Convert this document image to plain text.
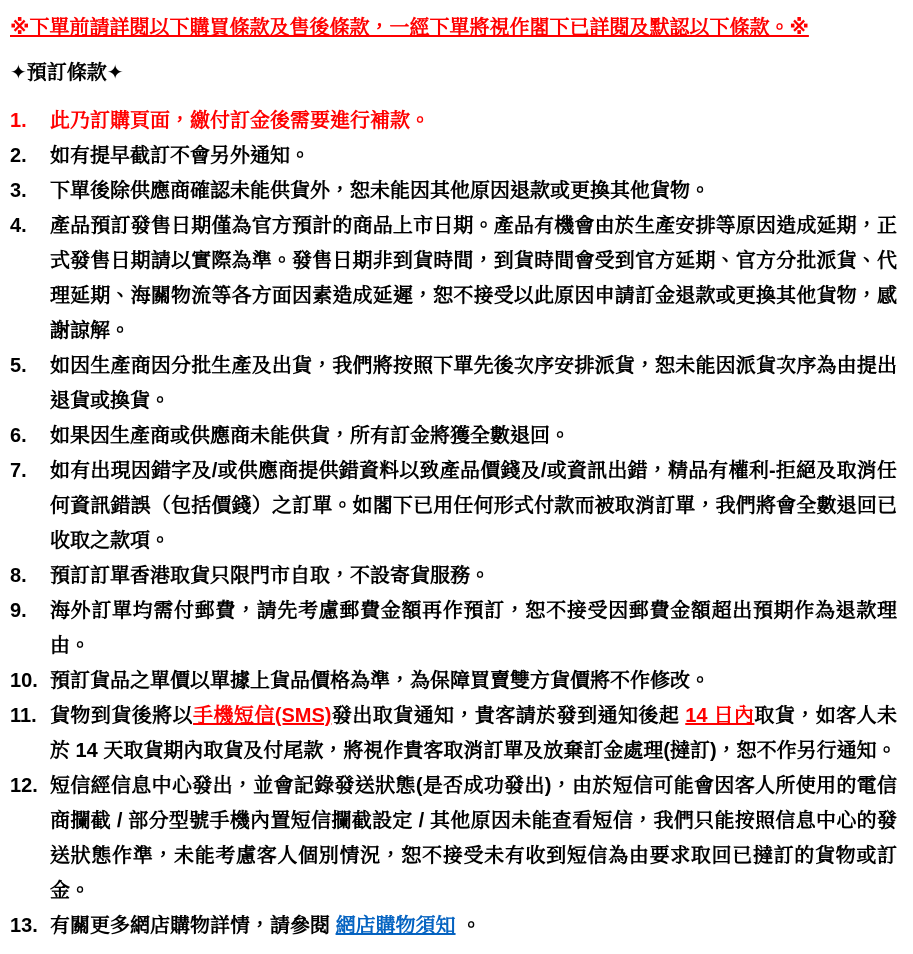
※下單前請詳閱以下購買條款及售後條款，一經下單將視作閣下已詳閱及默認以下條款。※
✦預訂條款✦
1. 此乃訂購頁面，繳付訂金後需要進行補款。
2. 如有提早截訂不會另外通知。
3. 下單後除供應商確認未能供貨外，恕未能因其他原因退款或更換其他貨物。
4. 產品預訂發售日期僅為官方預計的商品上市日期。產品有機會由於生產安排等原因造成延期，正式發售日期請以實際為準。發售日期非到貨時間，到貨時間會受到官方延期、官方分批派貨、代理延期、海關物流等各方面因素造成延遲，恕不接受以此原因申請訂金退款或更換其他貨物，感謝諒解。
5. 如因生產商因分批生產及出貨，我們將按照下單先後次序安排派貨，恕未能因派貨次序為由提出退貨或換貨。
6. 如果因生產商或供應商未能供貨，所有訂金將獲全數退回。
7. 如有出現因錯字及/或供應商提供錯資料以致產品價錢及/或資訊出錯，精品有權利-拒絕及取消任何資訊錯誤（包括價錢）之訂單。如閣下已用任何形式付款而被取消訂單，我們將會全數退回已收取之款項。
8. 預訂訂單香港取貨只限門市自取，不設寄貨服務。
9. 海外訂單均需付郵費，請先考慮郵費金額再作預訂，恕不接受因郵費金額超出預期作為退款理由。
10. 預訂貨品之單價以單據上貨品價格為準，為保障買賣雙方貨價將不作修改。
11. 貨物到貨後將以手機短信(SMS)發出取貨通知，貴客請於發到通知後起 14 日內取貨，如客人未於 14 天取貨期內取貨及付尾款，將視作貴客取消訂單及放棄訂金處理(撻訂)，恕不作另行通知。
12. 短信經信息中心發出，並會記錄發送狀態(是否成功發出)，由於短信可能會因客人所使用的電信商攔截 / 部分型號手機內置短信攔截設定 / 其他原因未能查看短信，我們只能按照信息中心的發送狀態作準，未能考慮客人個別情況，恕不接受未有收到短信為由要求取回已撻訂的貨物或訂金。
13. 有關更多網店購物詳情，請參閱 網店購物須知 。
